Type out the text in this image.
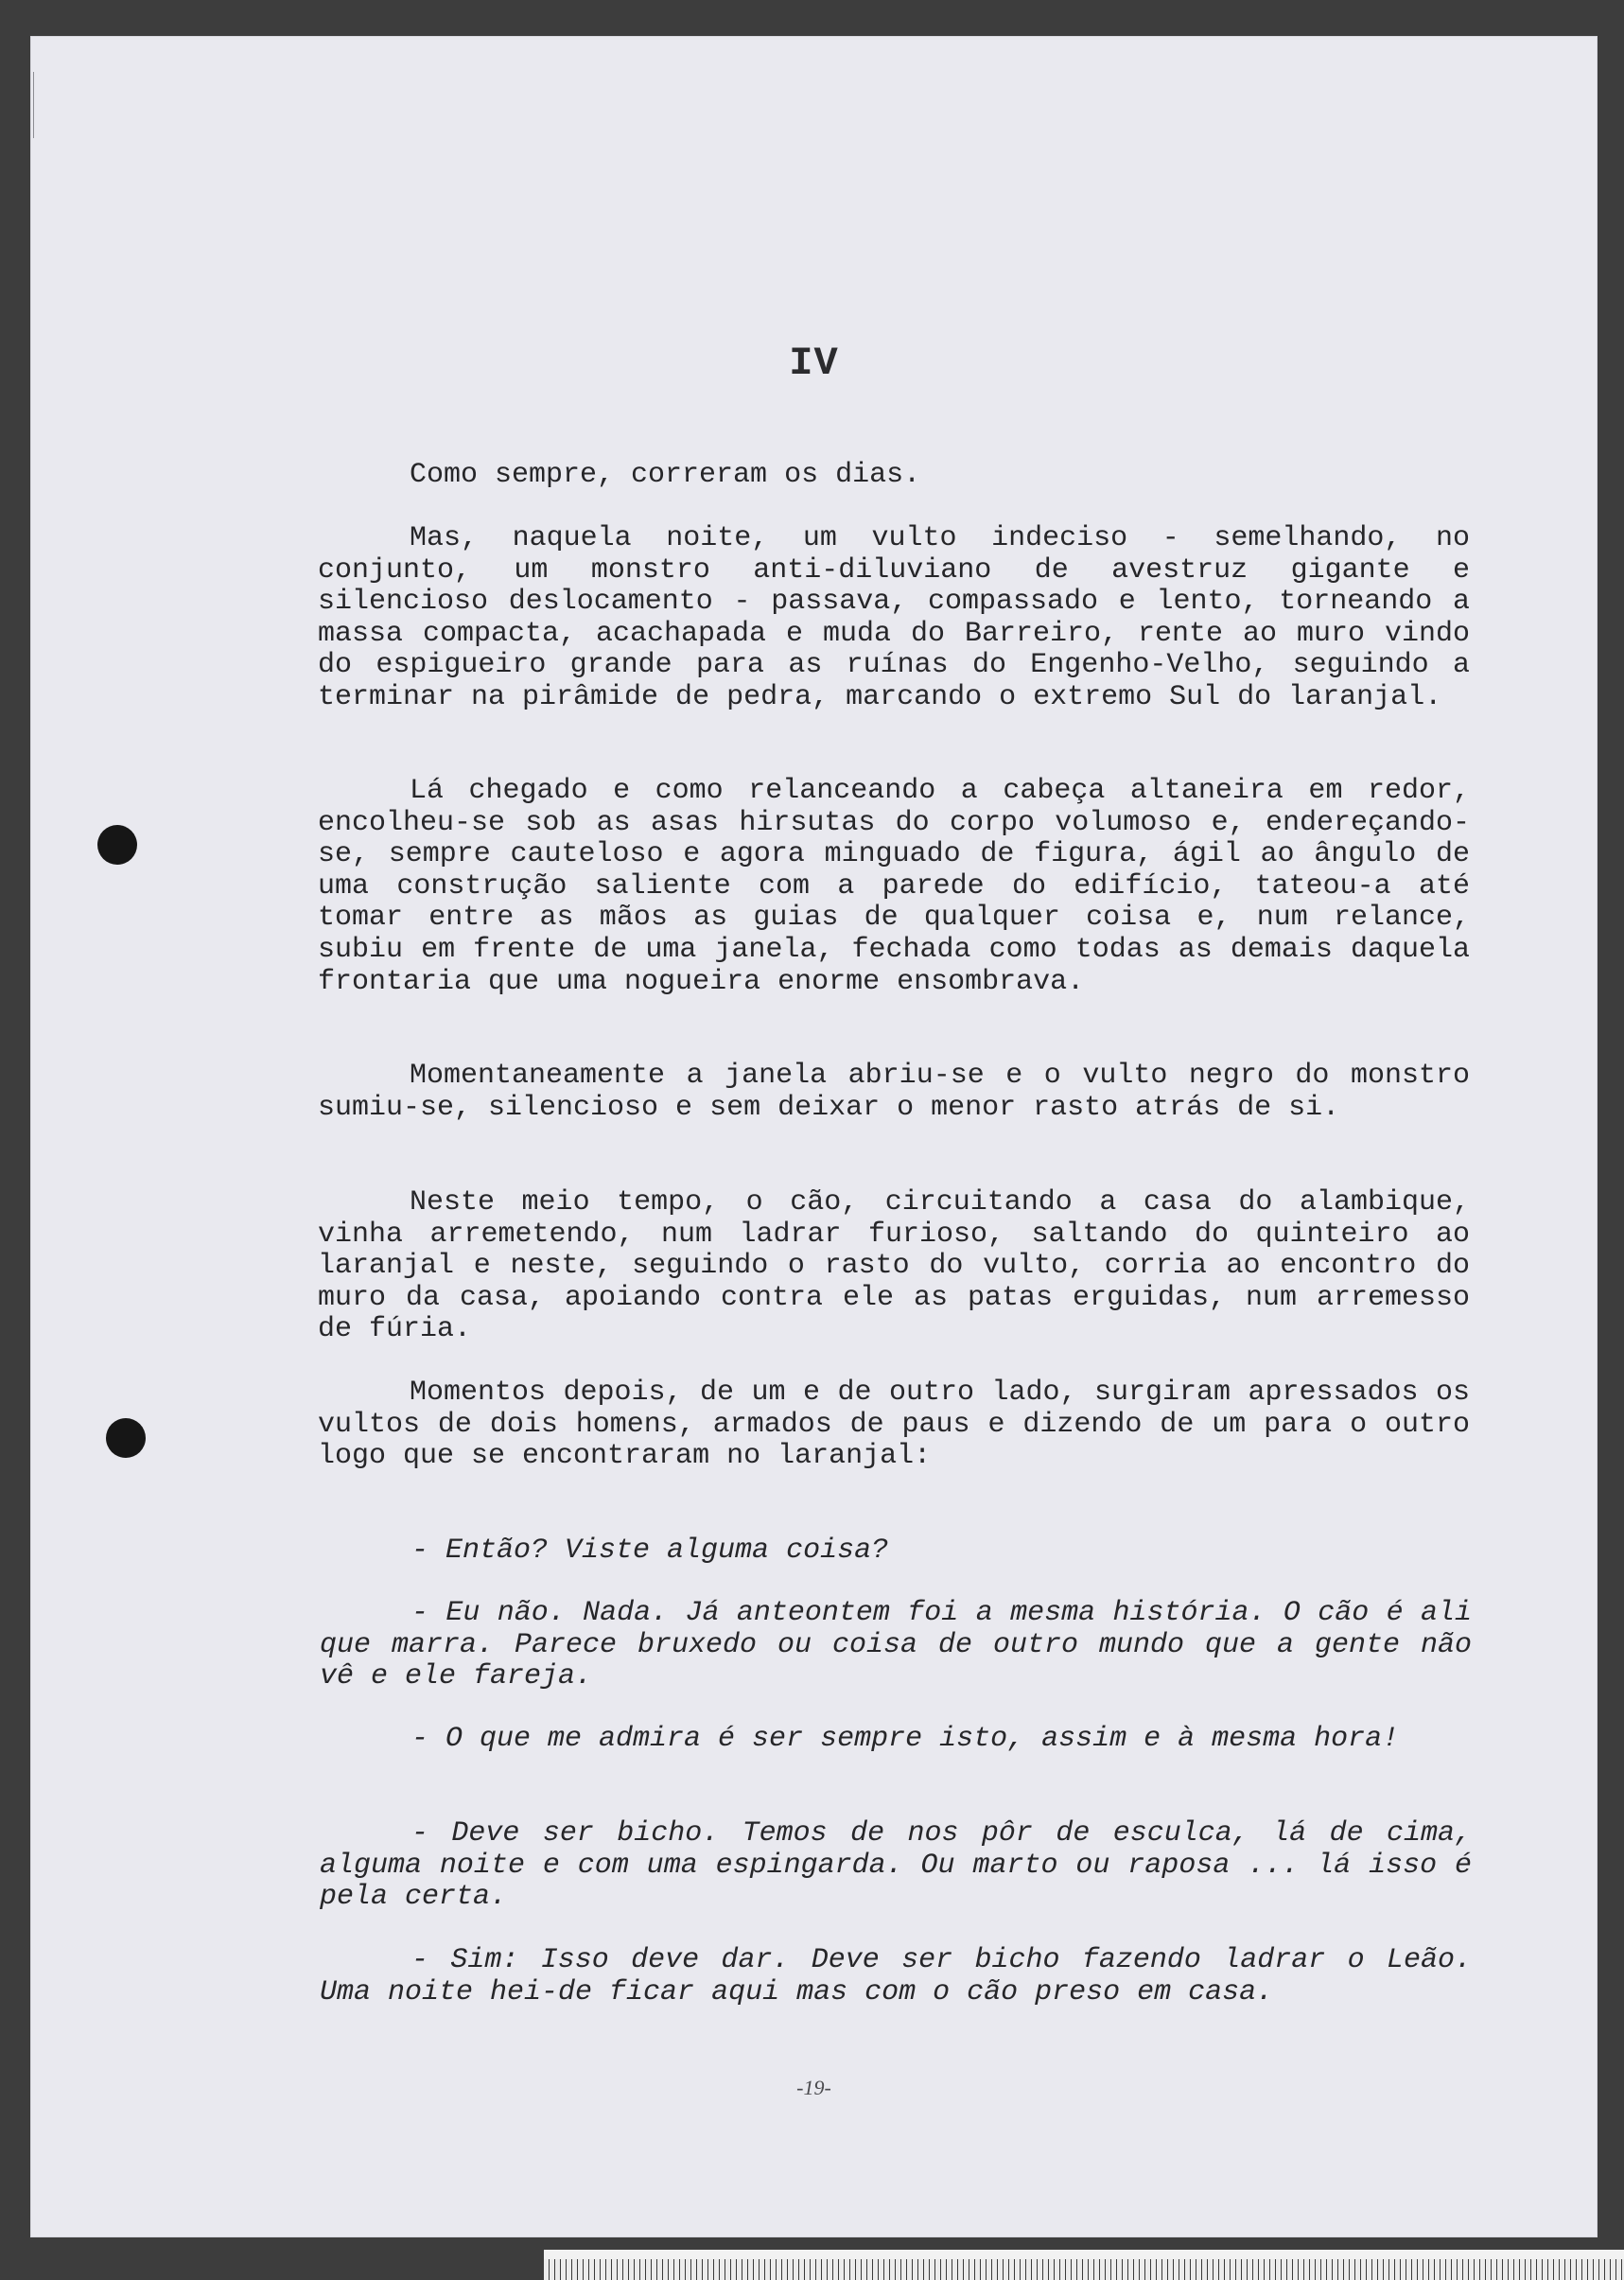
IV

Como sempre, correram os dias.

Mas, naquela noite, um vulto indeciso - semelhando, no conjunto, um monstro anti-diluviano de avestruz gigante e silencioso deslocamento - passava, compassado e lento, torneando a massa compacta, acachapada e muda do Barreiro, rente ao muro vindo do espigueiro grande para as ruínas do Engenho-Velho, seguindo a terminar na pirâmide de pedra, marcando o extremo Sul do laranjal.

Lá chegado e como relanceando a cabeça altaneira em redor, encolheu-se sob as asas hirsutas do corpo volumoso e, endereçando-se, sempre cauteloso e agora minguado de figura, ágil ao ângulo de uma construção saliente com a parede do edifício, tateou-a até tomar entre as mãos as guias de qualquer coisa e, num relance, subiu em frente de uma janela, fechada como todas as demais daquela frontaria que uma nogueira enorme ensombrava.

Momentaneamente a janela abriu-se e o vulto negro do monstro sumiu-se, silencioso e sem deixar o menor rasto atrás de si.

Neste meio tempo, o cão, circuitando a casa do alambique, vinha arremetendo, num ladrar furioso, saltando do quinteiro ao laranjal e neste, seguindo o rasto do vulto, corria ao encontro do muro da casa, apoiando contra ele as patas erguidas, num arremesso de fúria.

Momentos depois, de um e de outro lado, surgiram apressados os vultos de dois homens, armados de paus e dizendo de um para o outro logo que se encontraram no laranjal:

- Então? Viste alguma coisa?

- Eu não. Nada. Já anteontem foi a mesma história. O cão é ali que marra. Parece bruxedo ou coisa de outro mundo que a gente não vê e ele fareja.

- O que me admira é ser sempre isto, assim e à mesma hora!

- Deve ser bicho. Temos de nos pôr de esculca, lá de cima, alguma noite e com uma espingarda. Ou marto ou raposa ... lá isso é pela certa.

- Sim: Isso deve dar. Deve ser bicho fazendo ladrar o Leão. Uma noite hei-de ficar aqui mas com o cão preso em casa.

-19-
